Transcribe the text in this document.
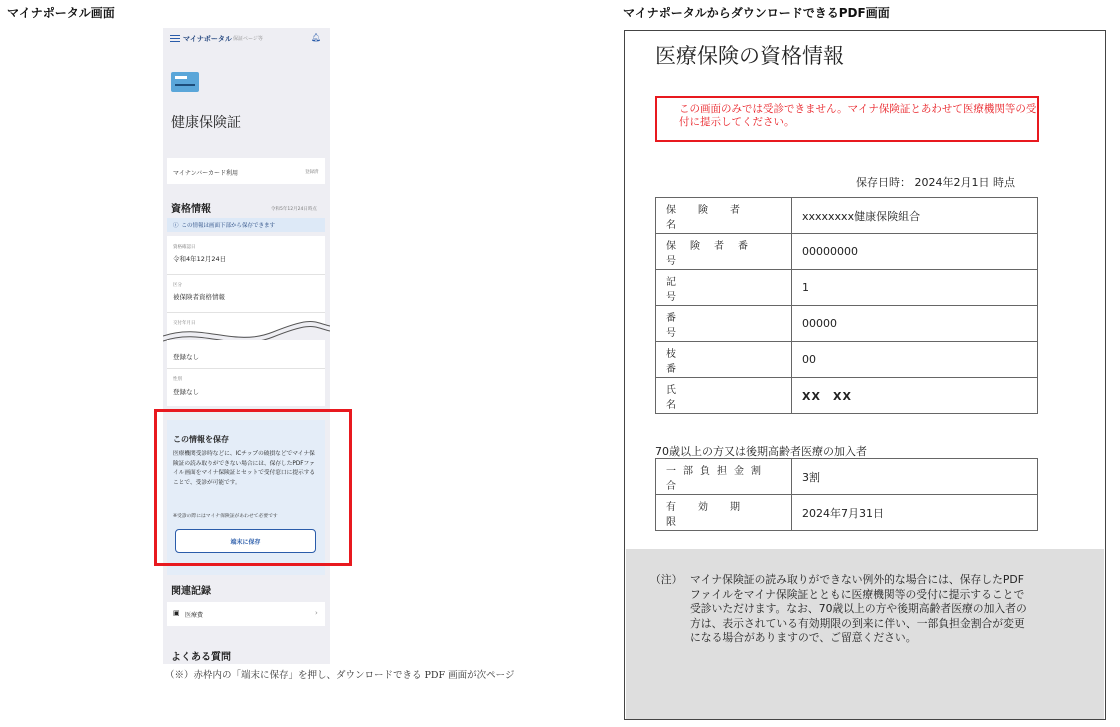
マイナポータル画面	マイナポータルからダウンロードできるPDF画面
マイナポータル 保証ページ等	🔔︎
健康保険証
マイナンバーカード利用	登録済
資格情報	令和5年12月24日時点
ⓘ この情報は画面下部から保存できます
資格確認日
令和4年12月24日
区分
被保険者資格情報
交付年月日
登録なし
性別
登録なし
関連記録
▣ 医療費	›
よくある質問
この情報を保存
医療機関受診時などに、ICチップの破損などでマイナ保険証の読み取りができない場合には、保存したPDFファイル画面をマイナ保険証とセットで受付窓口に提示することで、受診が可能です。
※受診の際にはマイナ保険証があわせて必要です
端末に保存
（※）赤枠内の「端末に保存」を押し、ダウンロードできる PDF 画面が次ページ
医療保険の資格情報
この画面のみでは受診できません。マイナ保険証とあわせて医療機関等の受付に提示してください。
保存日時： 2024年2月1日 時点
保険者名	xxxxxxxx健康保険組合

保険者番号	00000000

記号	1

番号	00000

枝番	00

氏名	XX　XX
70歳以上の方又は後期高齢者医療の加入者
一部負担金割合	3割

有効期限	2024年7月31日
（注） マイナ保険証の読み取りができない例外的な場合には、保存したPDFファイルをマイナ保険証とともに医療機関等の受付に提示することで受診いただけます。なお、70歳以上の方や後期高齢者医療の加入者の方は、表示されている有効期限の到来に伴い、一部負担金割合が変更になる場合がありますので、ご留意ください。
